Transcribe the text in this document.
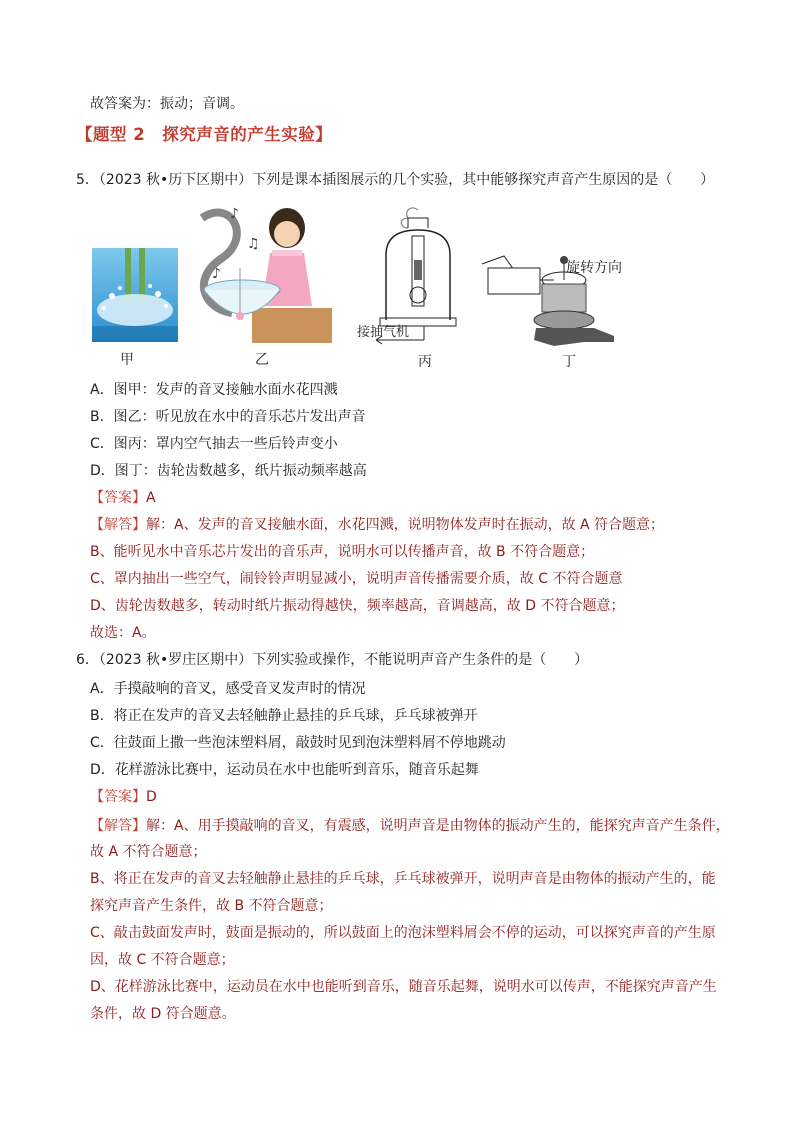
故答案为：振动；音调。
【题型 2　探究声音的产生实验】
5．（2023 秋•历下区期中）下列是课本插图展示的几个实验，其中能够探究声音产生原因的是（　　）
甲
♪
♫
♪
乙
接抽气机
丙
旋转方向
丁
A．图甲：发声的音叉接触水面水花四溅
B．图乙：听见放在水中的音乐芯片发出声音
C．图丙：罩内空气抽去一些后铃声变小
D．图丁：齿轮齿数越多，纸片振动频率越高
【答案】A
【解答】解：A、发声的音叉接触水面，水花四溅，说明物体发声时在振动，故 A 符合题意；
B、能听见水中音乐芯片发出的音乐声，说明水可以传播声音，故 B 不符合题意；
C、罩内抽出一些空气，闹铃铃声明显减小，说明声音传播需要介质，故 C 不符合题意
D、齿轮齿数越多，转动时纸片振动得越快，频率越高，音调越高，故 D 不符合题意；
故选：A。
6．（2023 秋•罗庄区期中）下列实验或操作，不能说明声音产生条件的是（　　）
A．手摸敲响的音叉，感受音叉发声时的情况
B．将正在发声的音叉去轻触静止悬挂的乒乓球，乒乓球被弹开
C．往鼓面上撒一些泡沫塑料屑，敲鼓时见到泡沫塑料屑不停地跳动
D．花样游泳比赛中，运动员在水中也能听到音乐，随音乐起舞
【答案】D
【解答】解：A、用手摸敲响的音叉，有震感，说明声音是由物体的振动产生的，能探究声音产生条件，
故 A 不符合题意；
B、将正在发声的音叉去轻触静止悬挂的乒乓球，乒乓球被弹开，说明声音是由物体的振动产生的，能
探究声音产生条件，故 B 不符合题意；
C、敲击鼓面发声时，鼓面是振动的，所以鼓面上的泡沫塑料屑会不停的运动，可以探究声音的产生原
因，故 C 不符合题意；
D、花样游泳比赛中，运动员在水中也能听到音乐，随音乐起舞，说明水可以传声，不能探究声音产生
条件，故 D 符合题意。
